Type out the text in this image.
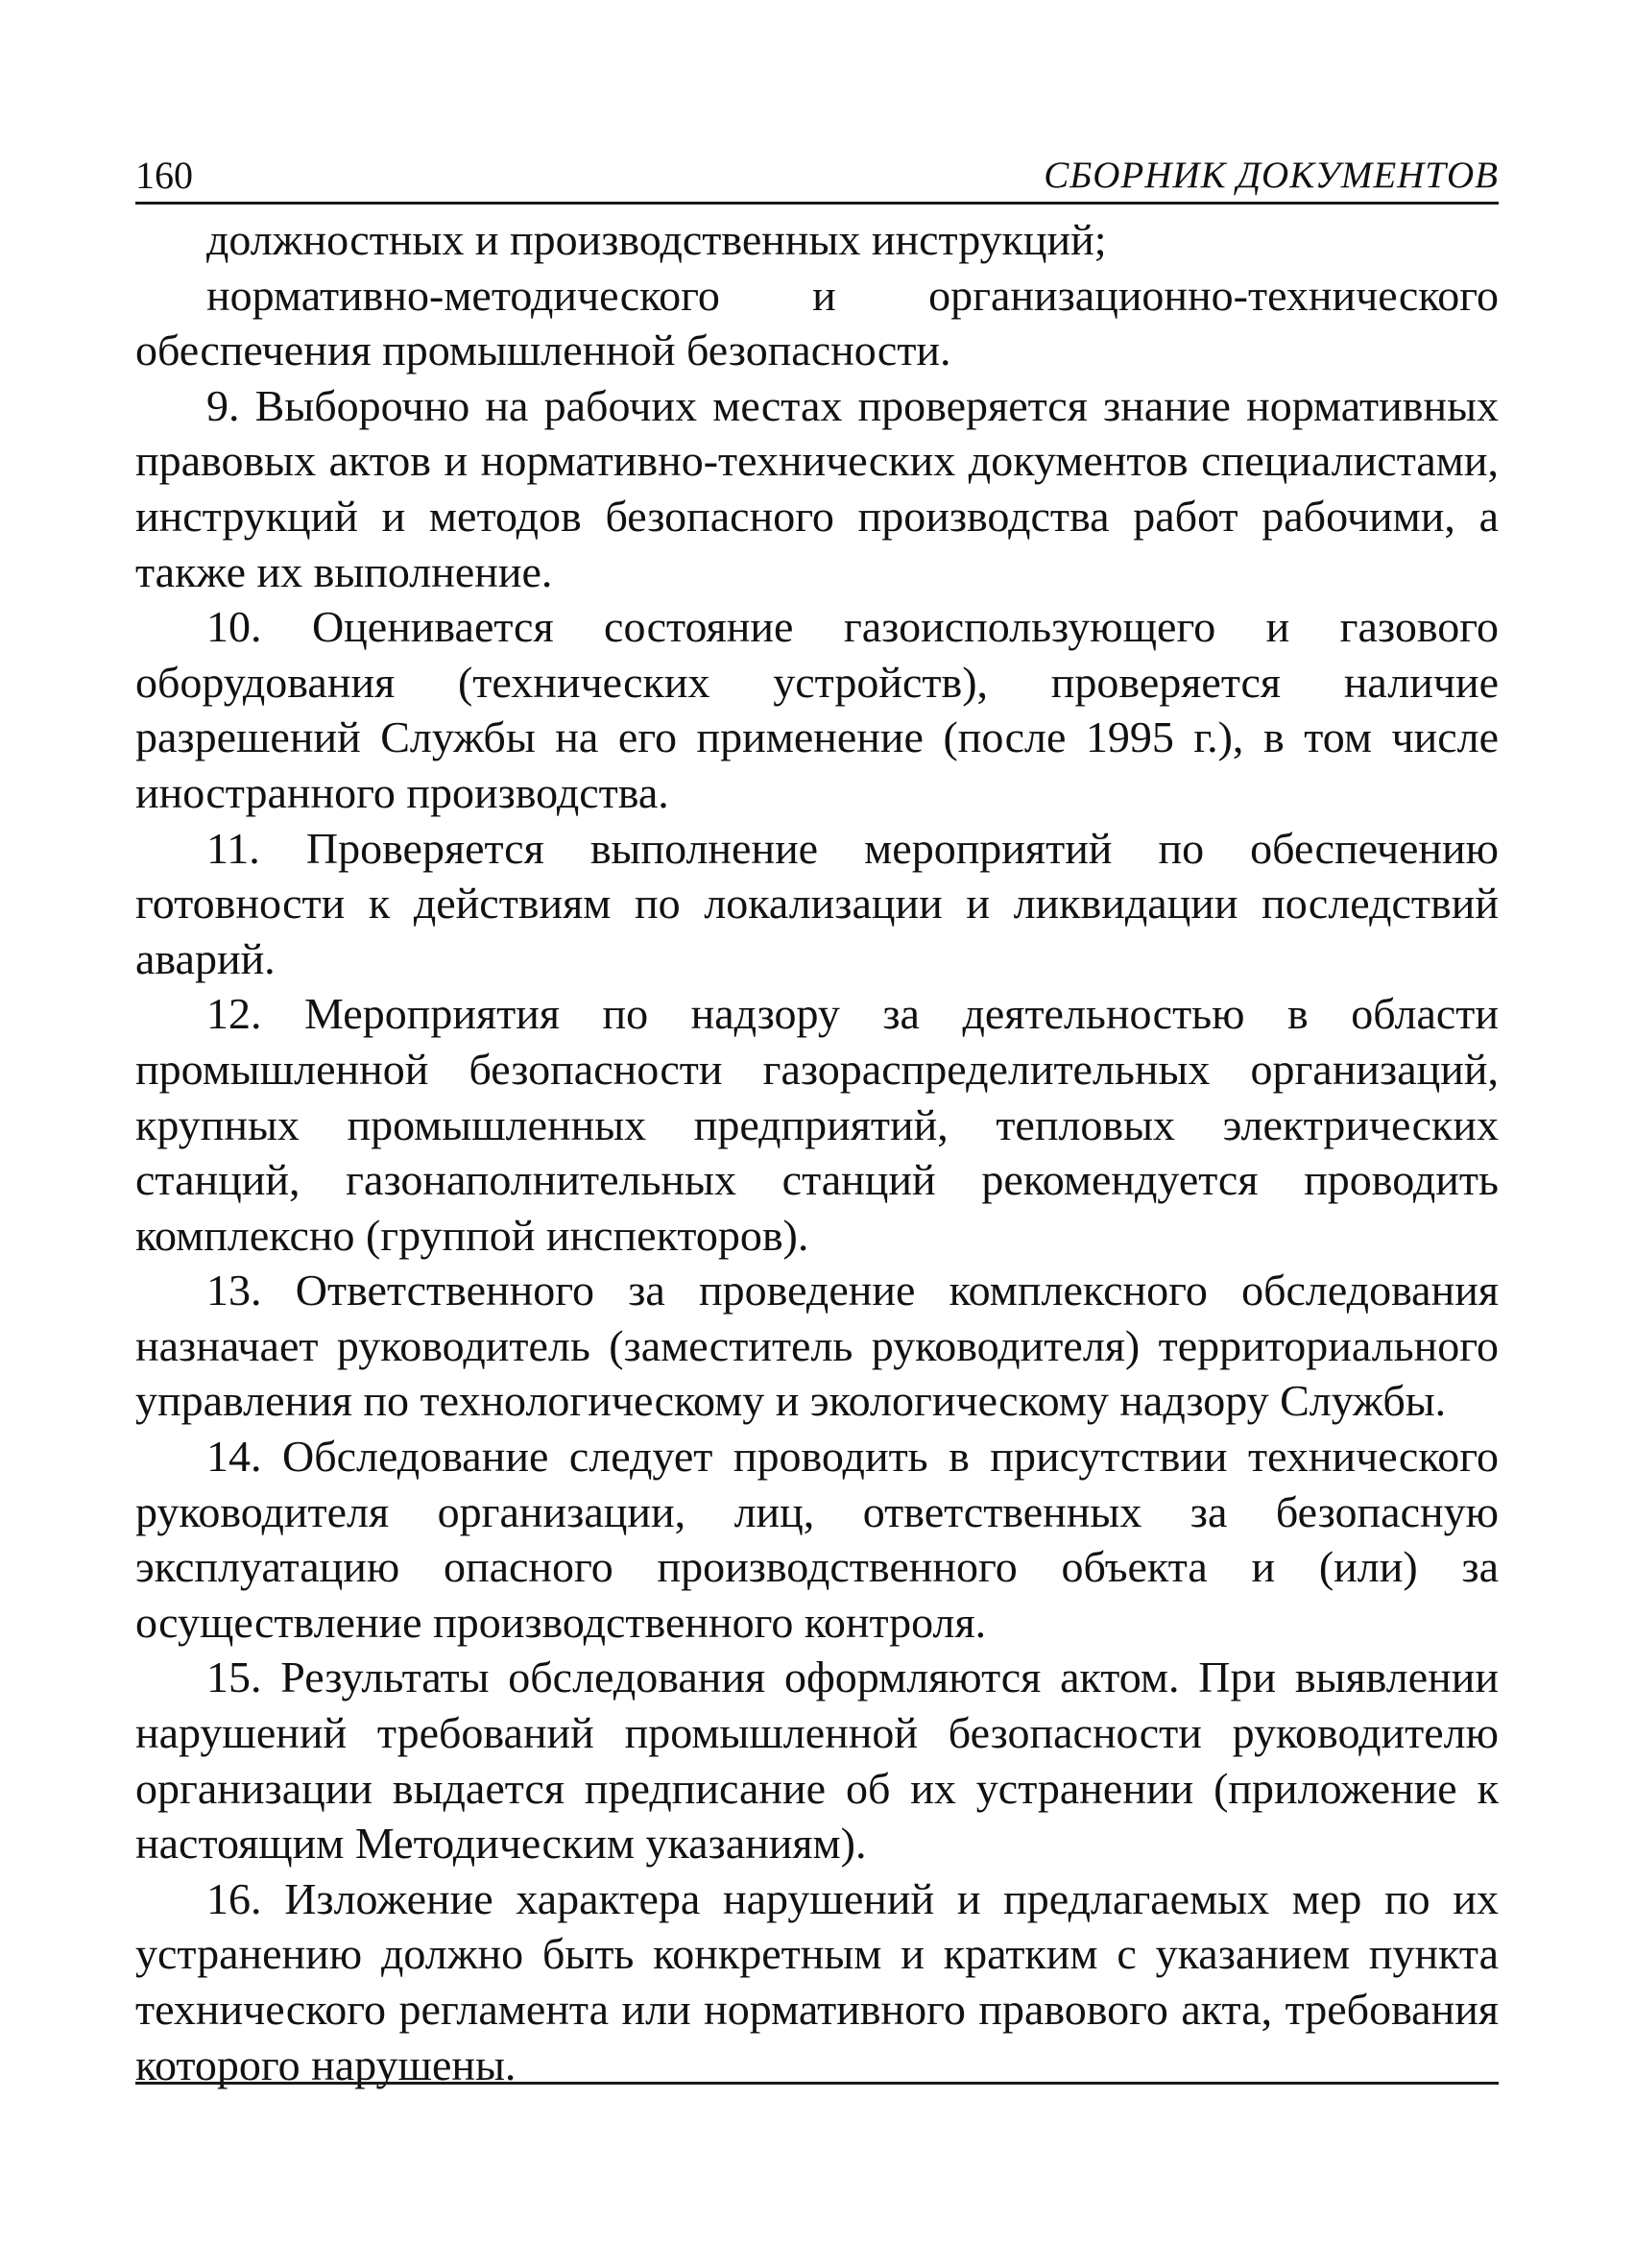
160	СБОРНИК ДОКУМЕНТОВ

должностных и производственных инструкций;

нормативно-методического и организационно-технического обеспечения промышленной безопасности.

9. Выборочно на рабочих местах проверяется знание нормативных правовых актов и нормативно-технических документов специалистами, инструкций и методов безопасного производства работ рабочими, а также их выполнение.

10. Оценивается состояние газоиспользующего и газового оборудования (технических устройств), проверяется наличие разрешений Службы на его применение (после 1995 г.), в том числе иностранного производства.

11. Проверяется выполнение мероприятий по обеспечению готовности к действиям по локализации и ликвидации последствий аварий.

12. Мероприятия по надзору за деятельностью в области промышленной безопасности газораспределительных организаций, крупных промышленных предприятий, тепловых электрических станций, газонаполнительных станций рекомендуется проводить комплексно (группой инспекторов).

13. Ответственного за проведение комплексного обследования назначает руководитель (заместитель руководителя) территориального управления по технологическому и экологическому надзору Службы.

14. Обследование следует проводить в присутствии технического руководителя организации, лиц, ответственных за безопасную эксплуатацию опасного производственного объекта и (или) за осуществление производственного контроля.

15. Результаты обследования оформляются актом. При выявлении нарушений требований промышленной безопасности руководителю организации выдается предписание об их устранении (приложение к настоящим Методическим указаниям).

16. Изложение характера нарушений и предлагаемых мер по их устранению должно быть конкретным и кратким с указанием пункта технического регламента или нормативного правового акта, требования которого нарушены.
